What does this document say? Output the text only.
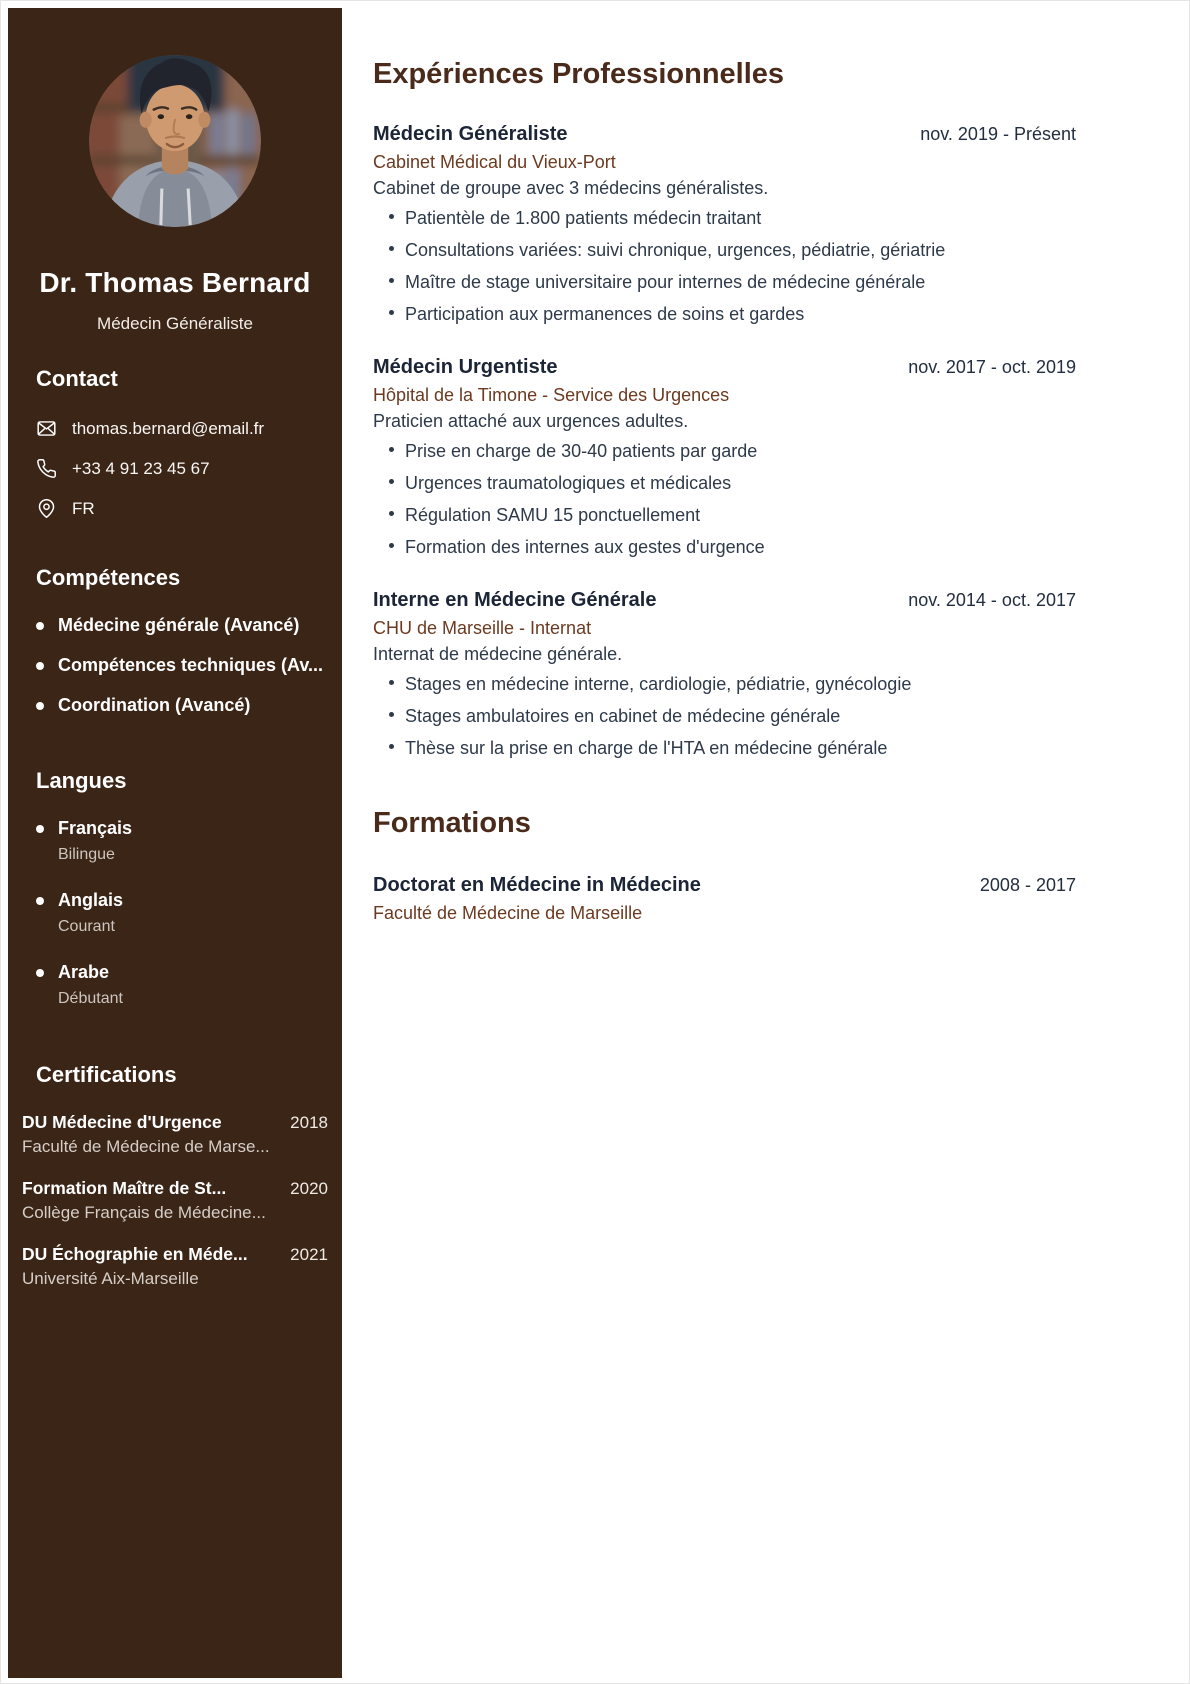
Dr. Thomas Bernard
Médecin Généraliste
Contact
thomas.bernard@email.fr
+33 4 91 23 45 67
FR
Compétences
Médecine générale (Avancé)
Compétences techniques (Av...
Coordination (Avancé)
Langues
Français
Bilingue
Anglais
Courant
Arabe
Débutant
Certifications
DU Médecine d'Urgence	2018
Faculté de Médecine de Marse...
Formation Maître de St...	2020
Collège Français de Médecine...
DU Échographie en Méde...	2021
Université Aix-Marseille
Expériences Professionnelles
Médecin Généraliste	nov. 2019 - Présent
Cabinet Médical du Vieux-Port
Cabinet de groupe avec 3 médecins généralistes.
Patientèle de 1.800 patients médecin traitant
Consultations variées: suivi chronique, urgences, pédiatrie, gériatrie
Maître de stage universitaire pour internes de médecine générale
Participation aux permanences de soins et gardes
Médecin Urgentiste	nov. 2017 - oct. 2019
Hôpital de la Timone - Service des Urgences
Praticien attaché aux urgences adultes.
Prise en charge de 30-40 patients par garde
Urgences traumatologiques et médicales
Régulation SAMU 15 ponctuellement
Formation des internes aux gestes d'urgence
Interne en Médecine Générale	nov. 2014 - oct. 2017
CHU de Marseille - Internat
Internat de médecine générale.
Stages en médecine interne, cardiologie, pédiatrie, gynécologie
Stages ambulatoires en cabinet de médecine générale
Thèse sur la prise en charge de l'HTA en médecine générale
Formations
Doctorat en Médecine in Médecine	2008 - 2017
Faculté de Médecine de Marseille
